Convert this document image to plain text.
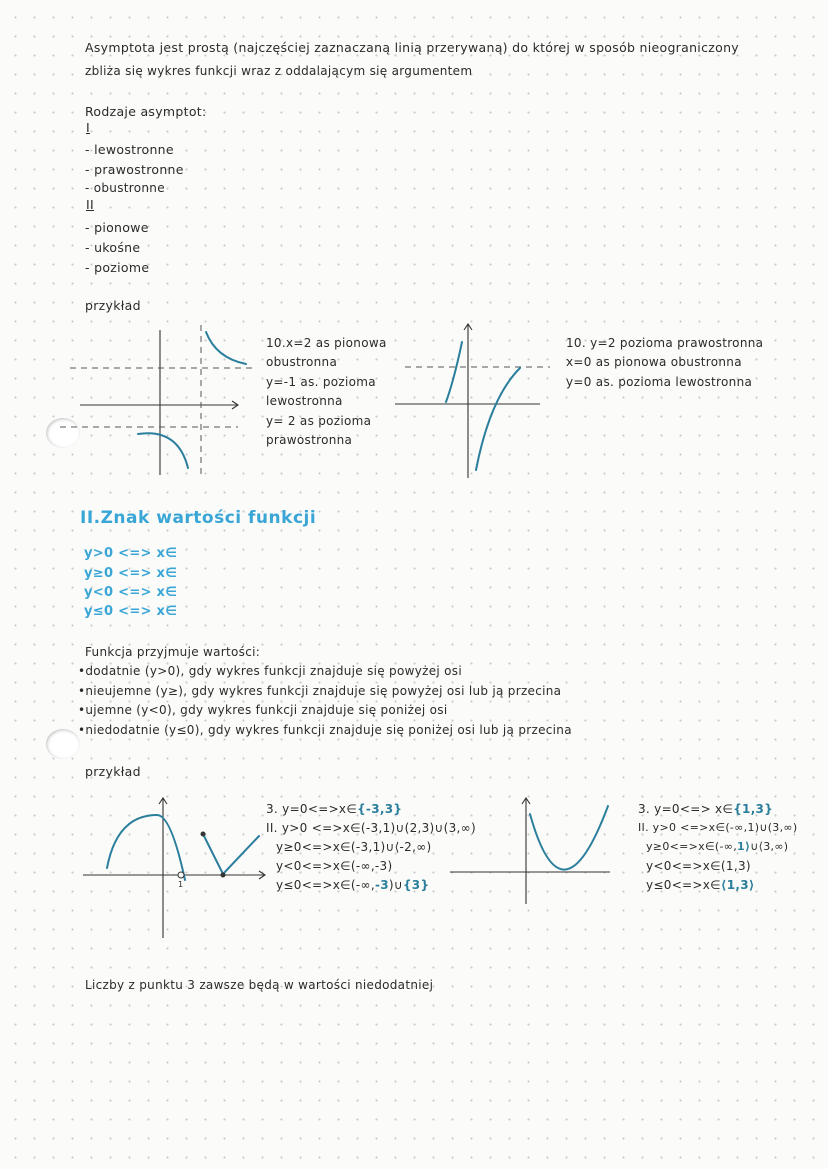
Asymptota jest prostą (najczęściej zaznaczaną linią przerywaną) do której w sposób nieograniczony
zbliża się wykres funkcji wraz z oddalającym się argumentem
Rodzaje asymptot:
I
- lewostronne
- prawostronne
- obustronne
II
- pionowe
- ukośne
- poziome
przykład
10.x=2 as pionowa
obustronna
y=-1 as. pozioma
lewostronna
y= 2 as pozioma
prawostronna
10. y=2 pozioma prawostronna
x=0 as pionowa obustronna
y=0 as. pozioma lewostronna
II.Znak wartości funkcji
y>0 <=> x∈
y≥0 <=> x∈
y<0 <=> x∈
y≤0 <=> x∈
Funkcja przyjmuje wartości:
•dodatnie (y>0), gdy wykres funkcji znajduje się powyżej osi
•nieujemne (y≥), gdy wykres funkcji znajduje się powyżej osi lub ją przecina
•ujemne (y<0), gdy wykres funkcji znajduje się poniżej osi
•niedodatnie (y≤0), gdy wykres funkcji znajduje się poniżej osi lub ją przecina
przykład
1
3. y=0<=>x∈{-3,3}
II. y>0 <=>x∈(-3,1)∪(2,3)∪(3,∞)
y≥0<=>x∈(-3,1)∪⟨-2,∞)
y<0<=>x∈(-∞,-3)
y≤0<=>x∈(-∞,-3)∪{3}
3. y=0<=> x∈{1,3}
II. y>0 <=>x∈(-∞,1)∪(3,∞)
y≥0<=>x∈(-∞,1⟩∪⟨3,∞)
y<0<=>x∈(1,3)
y≤0<=>x∈⟨1,3⟩
Liczby z punktu 3 zawsze będą w wartości niedodatniej
